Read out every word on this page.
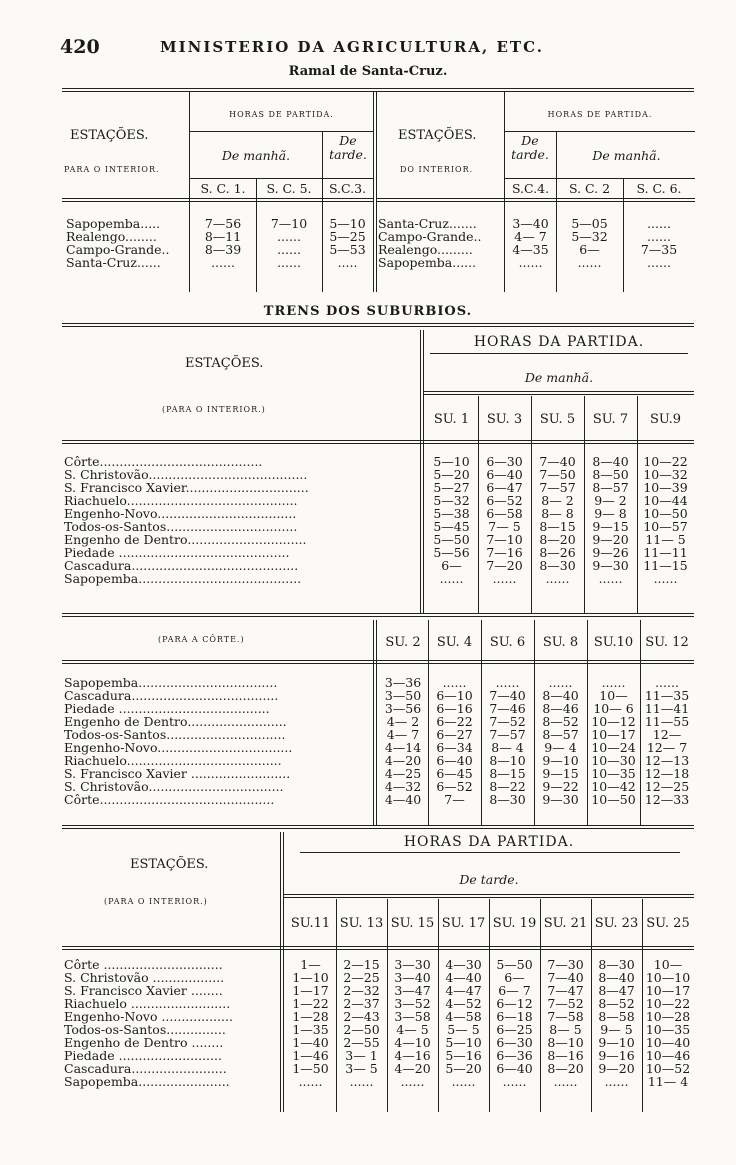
420	MINISTERIO DA AGRICULTURA, ETC.
Ramal de Santa-Cruz.
ESTAÇÕES.
PARA O INTERIOR.
HORAS DE PARTIDA.
De manhã.
De tarde.
S. C. 1.	S. C. 5.	S.C.3.
ESTAÇÕES.
DO INTERIOR.
HORAS DE PARTIDA.
De tarde.	De manhã.
S.C.4.	S. C. 2	S. C. 6.
Sapopemba.....	7—56	7—10	5—10
Realengo........	8—11	......	5—25
Campo-Grande..	8—39	......	5—53
Santa-Cruz......	......	......	.....
Santa-Cruz.......	3—40	5—05	......
Campo-Grande..	4— 7	5—32	......
Realengo.........	4—35	6—	7—35
Sapopemba......	......	......	......
TRENS DOS SUBURBIOS.
ESTAÇÕES.
(PARA O INTERIOR.)
HORAS DA PARTIDA.
De manhã.
SU. 1	SU. 3	SU. 5	SU. 7	SU.9
Côrte.........................................	5—10	6—30	7—40	8—40	10—22
S. Christovão........................................	5—20	6—40	7—50	8—50	10—32
S. Francisco Xavier...............................	5—27	6—47	7—57	8—57	10—39
Riachuelo...........................................	5—32	6—52	8— 2	9— 2	10—44
Engenho-Novo...................................	5—38	6—58	8— 8	9— 8	10—50
Todos-os-Santos.................................	5—45	7— 5	8—15	9—15	10—57
Engenho de Dentro..............................	5—50	7—10	8—20	9—20	11— 5
Piedade ...........................................	5—56	7—16	8—26	9—26	11—11
Cascadura..........................................	6—	7—20	8—30	9—30	11—15
Sapopemba.........................................	......	......	......	......	......
(PARA A CÔRTE.)	SU. 2	SU. 4	SU. 6	SU. 8	SU.10 SU. 12
Sapopemba...................................	3—36	......	......	......	......	......
Cascadura.....................................	3—50	6—10	7—40	8—40	10—	11—35
Piedade ......................................	3—56	6—16	7—46	8—46	10— 6 11—41
Engenho de Dentro.........................	4— 2	6—22	7—52	8—52	10—12 11—55
Todos-os-Santos..............................	4— 7	6—27	7—57	8—57	10—17	12—
Engenho-Novo..................................	4—14	6—34	8— 4	9— 4	10—24 12— 7
Riachuelo.......................................	4—20	6—40	8—10	9—10	10—30 12—13
S. Francisco Xavier .........................	4—25	6—45	8—15	9—15	10—35 12—18
S. Christovão..................................	4—32	6—52	8—22	9—22	10—42 12—25
Côrte............................................	4—40	7—	8—30	9—30	10—50 12—33
ESTAÇÕES.
(PARA O INTERIOR.)
HORAS DA PARTIDA.
De tarde.
SU.11 SU. 13 SU. 15 SU. 17 SU. 19 SU. 21 SU. 23 SU. 25
Côrte ..............................	1—	2—15	3—30	4—30	5—50	7—30	8—30	10—
S. Christovão ..................	1—10	2—25	3—40	4—40	6—	7—40	8—40 10—10
S. Francisco Xavier ........	1—17	2—32	3—47	4—47	6— 7	7—47	8—47 10—17
Riachuelo .........................	1—22	2—37	3—52	4—52	6—12	7—52	8—52 10—22
Engenho-Novo ..................	1—28	2—43	3—58	4—58	6—18	7—58	8—58 10—28
Todos-os-Santos...............	1—35	2—50	4— 5	5— 5	6—25	8— 5	9— 5	10—35
Engenho de Dentro ........	1—40	2—55	4—10	5—10	6—30	8—10	9—10 10—40
Piedade ..........................	1—46	3— 1	4—16	5—16	6—36	8—16	9—16 10—46
Cascadura........................	1—50	3— 5	4—20	5—20	6—40	8—20	9—20 10—52
Sapopemba.......................	......	......	......	......	......	......	......	11— 4
